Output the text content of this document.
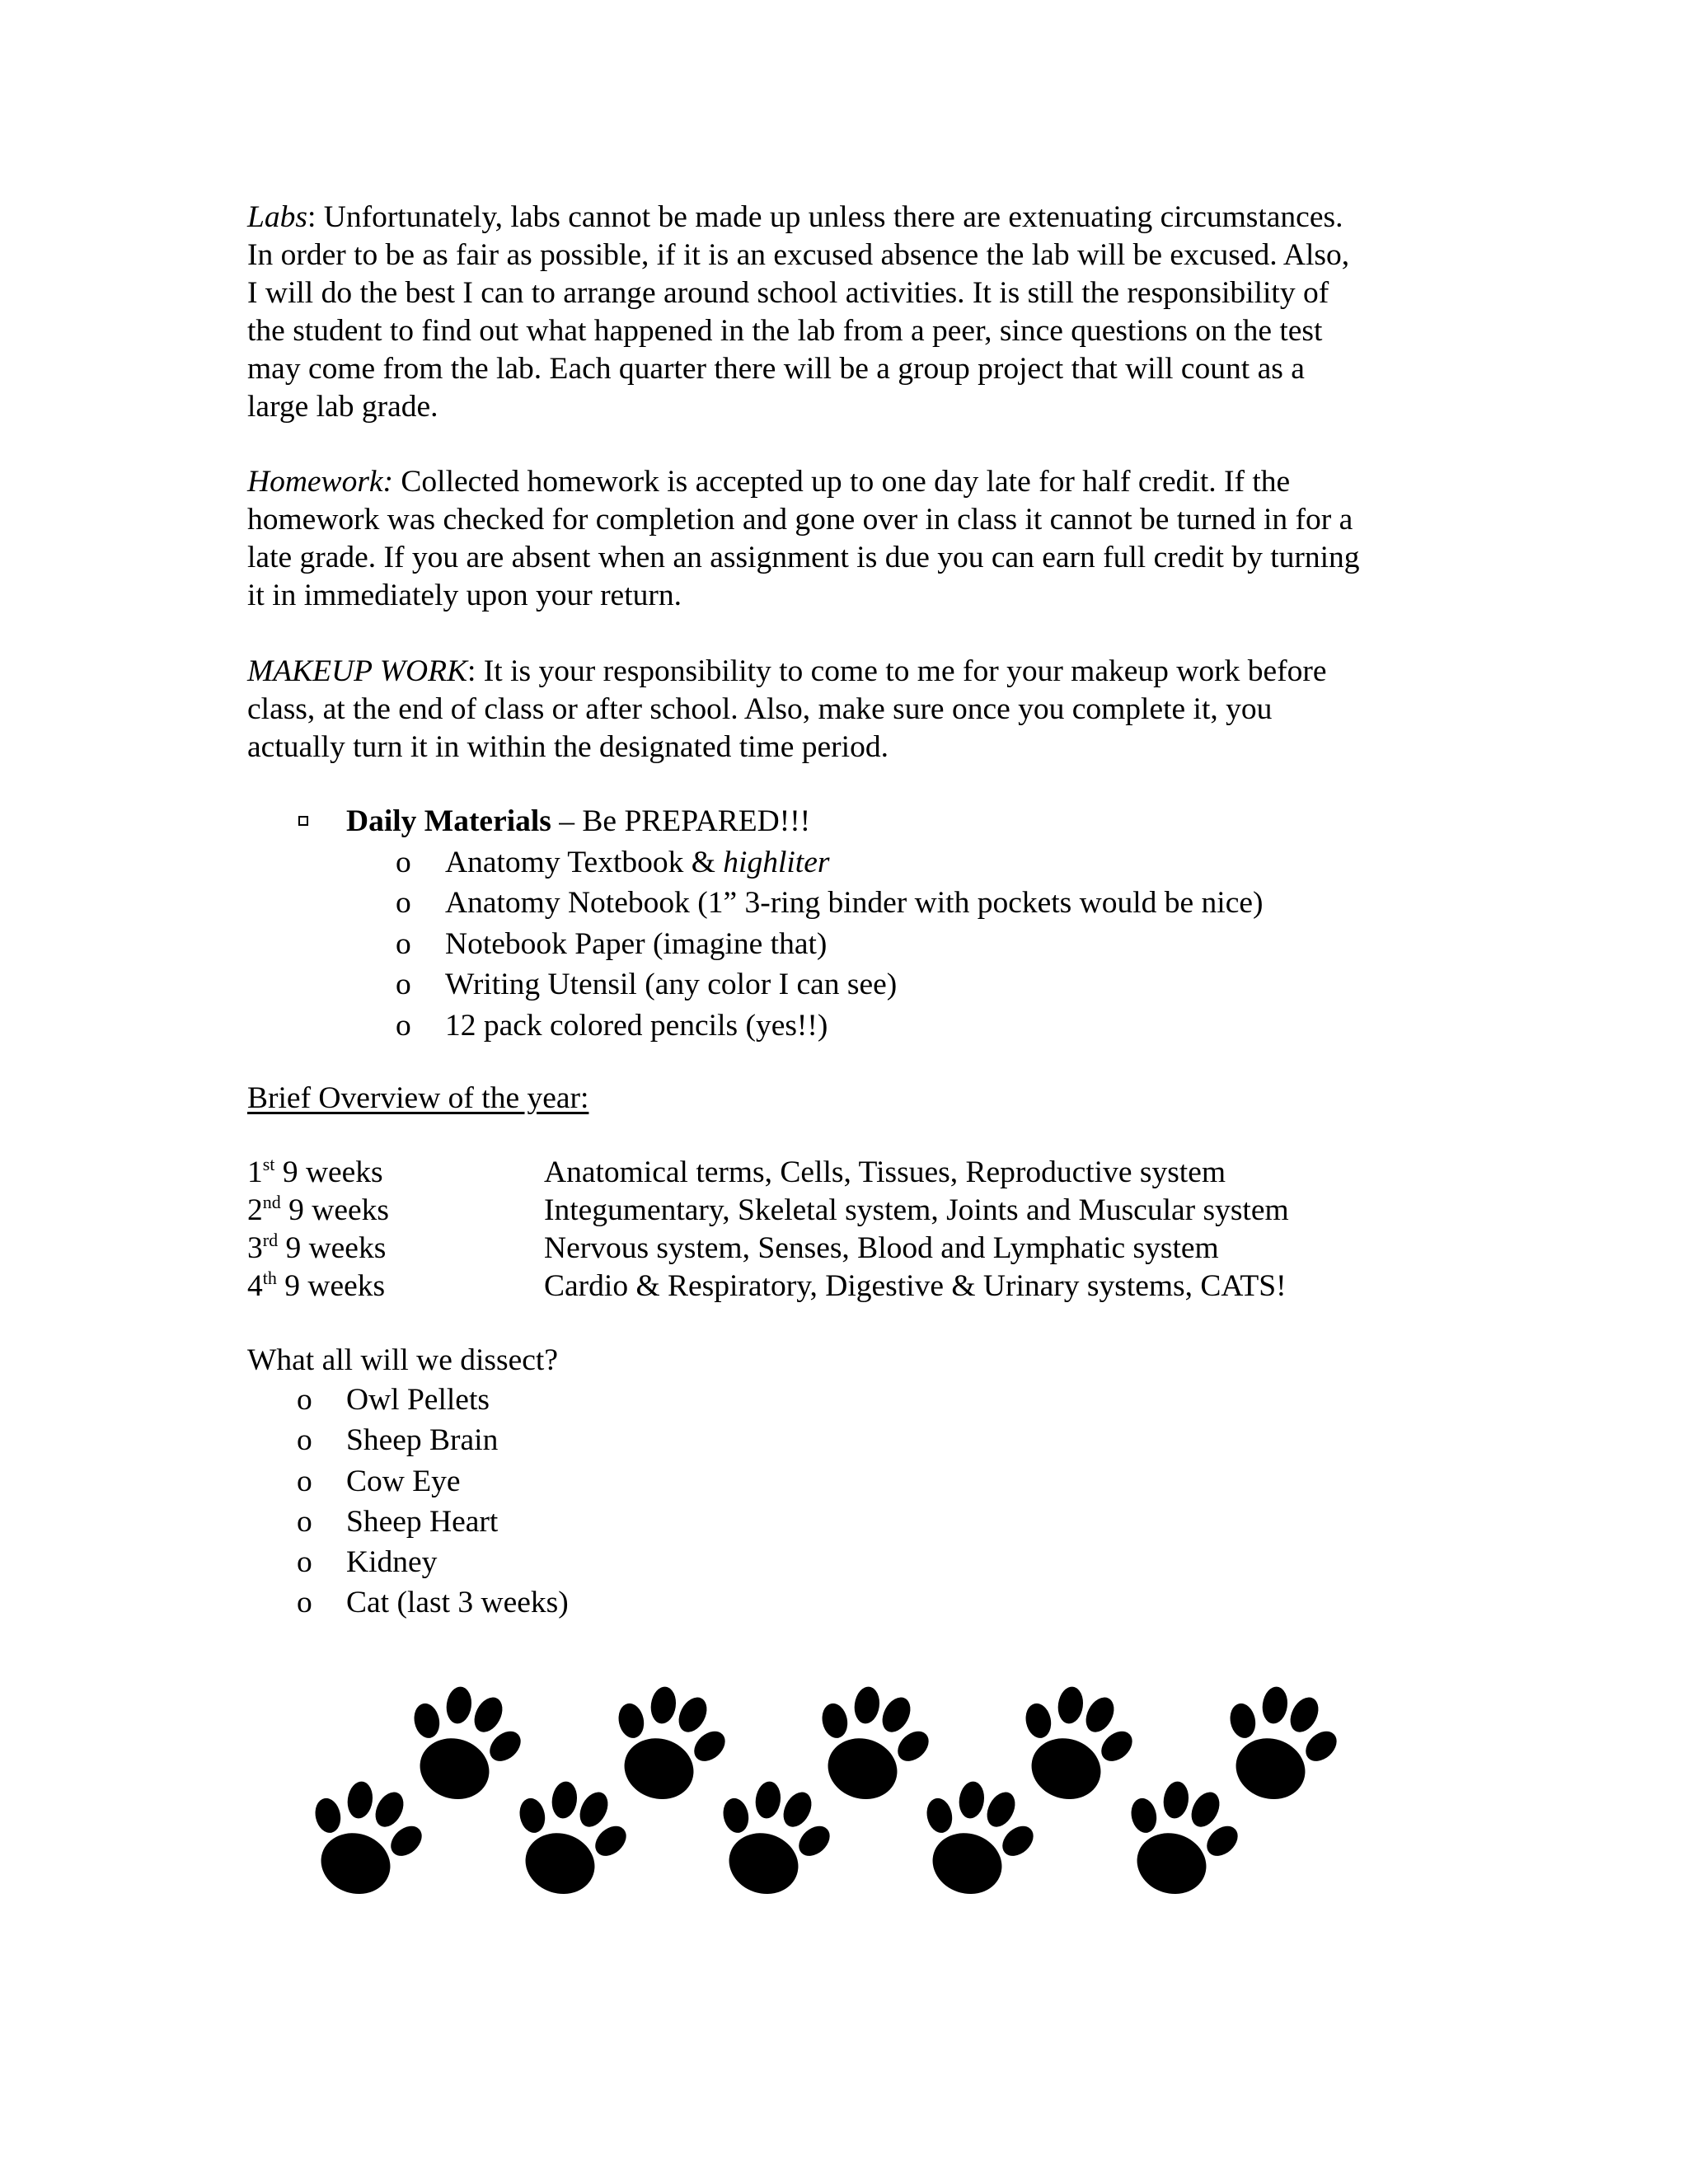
Labs: Unfortunately, labs cannot be made up unless there are extenuating circumstances.
In order to be as fair as possible, if it is an excused absence the lab will be excused. Also,
I will do the best I can to arrange around school activities. It is still the responsibility of
the student to find out what happened in the lab from a peer, since questions on the test
may come from the lab. Each quarter there will be a group project that will count as a
large lab grade.
Homework: Collected homework is accepted up to one day late for half credit. If the
homework was checked for completion and gone over in class it cannot be turned in for a
late grade. If you are absent when an assignment is due you can earn full credit by turning
it in immediately upon your return.
MAKEUP WORK: It is your responsibility to come to me for your makeup work before
class, at the end of class or after school. Also, make sure once you complete it, you
actually turn it in within the designated time period.
Daily Materials – Be PREPARED!!!
o Anatomy Textbook & highliter
o Anatomy Notebook (1” 3-ring binder with pockets would be nice)
o Notebook Paper (imagine that)
o Writing Utensil (any color I can see)
o 12 pack colored pencils (yes!!)
Brief Overview of the year:
1st 9 weeks	Anatomical terms, Cells, Tissues, Reproductive system
2nd 9 weeks	Integumentary, Skeletal system, Joints and Muscular system
3rd 9 weeks	Nervous system, Senses, Blood and Lymphatic system
4th 9 weeks	Cardio & Respiratory, Digestive & Urinary systems, CATS!
What all will we dissect?
o Owl Pellets
o Sheep Brain
o Cow Eye
o Sheep Heart
o Kidney
o Cat (last 3 weeks)
